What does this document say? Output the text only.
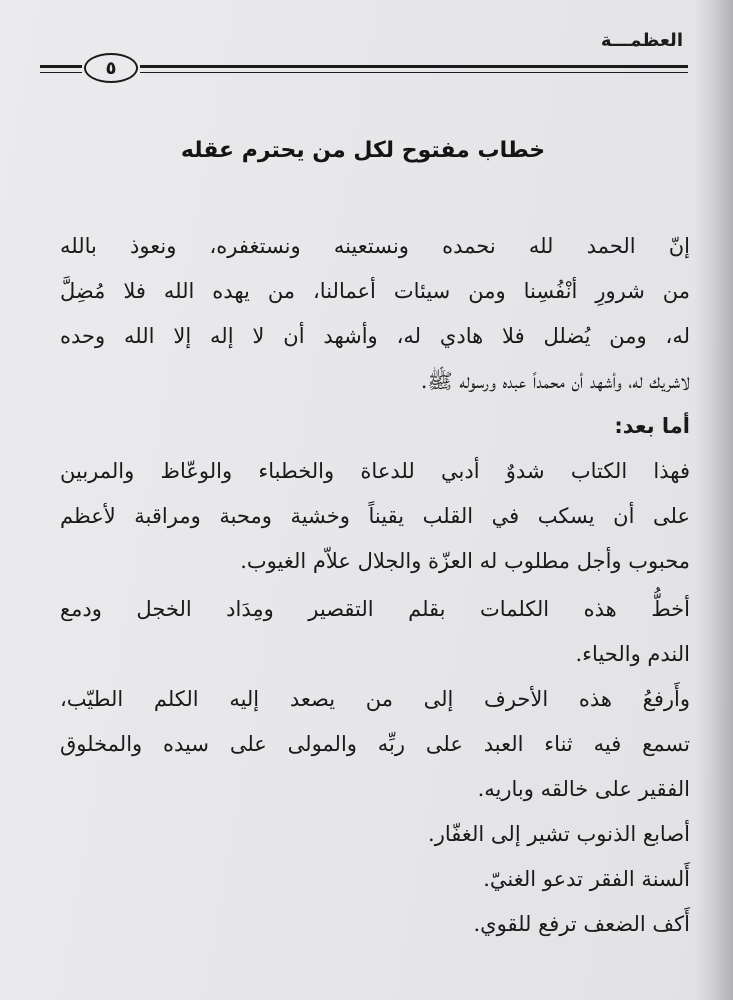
العظمـــة
٥
خطاب مفتوح لكل من يحترم عقله
إنّ الحمد لله نحمده ونستعينه ونستغفره، ونعوذ بالله
من شرورِ أنْفُسِنا ومن سيئات أعمالنا، من يهده الله فلا مُضِلَّ
له، ومن يُضلل فلا هادي له، وأشهد أن لا إله إلا الله وحده
لاشريك له، وأشهد أن محمداً عبده ورسوله ﷺ.
أما بعد:
فهذا الكتاب شدوٌ أدبي للدعاة والخطباء والوعّاظ والمربين
على أن يسكب في القلب يقيناً وخشية ومحبة ومراقبة لأعظم
محبوب وأجل مطلوب له العزّة والجلال علاّم الغيوب.
أخطُّ هذه الكلمات بقلم التقصير ومِدَاد الخجل ودمع
الندم والحياء.
وأَرفعُ هذه الأحرف إلى من يصعد إليه الكلم الطيّب،
تسمع فيه ثناء العبد على ربِّه والمولى على سيده والمخلوق
الفقير على خالقه وباريه.
أصابع الذنوب تشير إلى الغفّار.
أَلسنة الفقر تدعو الغنيّ.
أَكف الضعف ترفع للقوي.
